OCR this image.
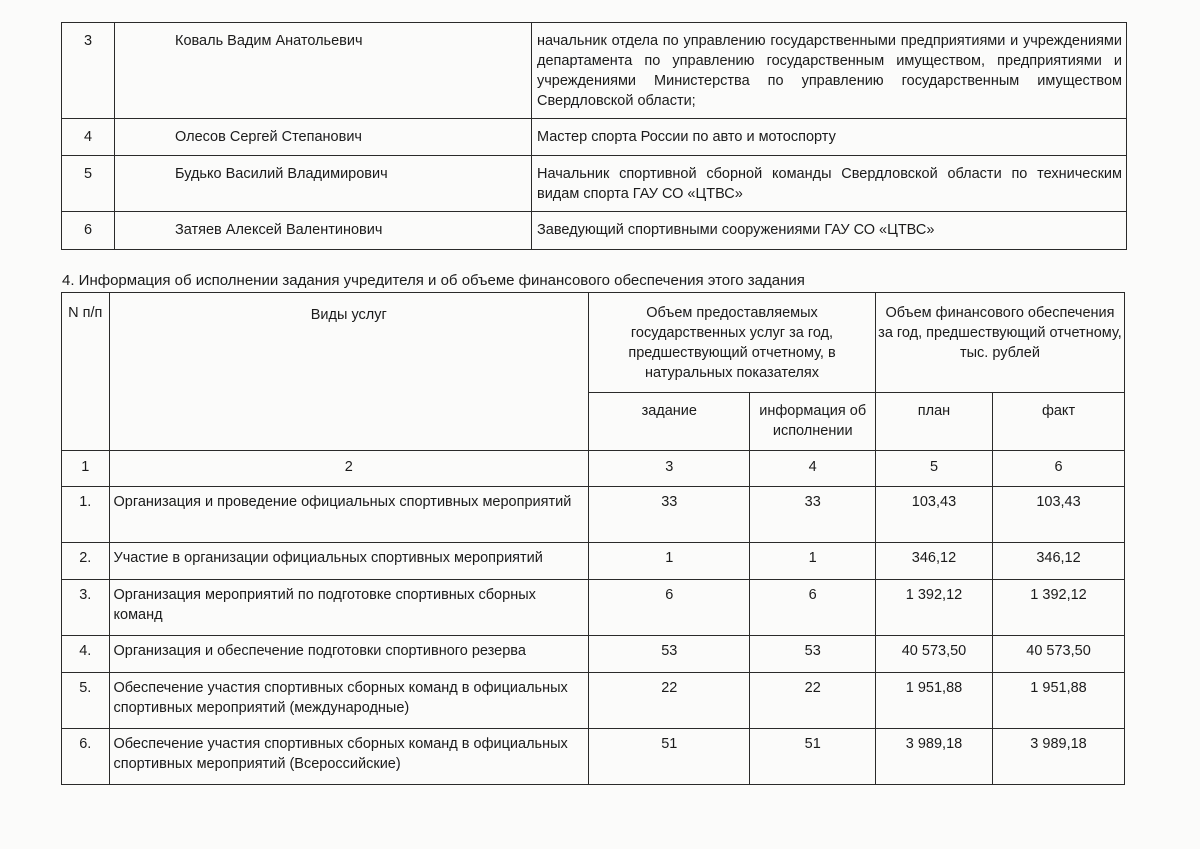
3	Коваль Вадим Анатольевич	начальник отдела по управлению государственными предприятиями и учреждениями департамента по управлению государственным имуществом, предприятиями и учреждениями Министерства по управлению государственным имуществом Свердловской области;
4	Олесов Сергей Степанович	Мастер спорта России по авто и мотоспорту
5	Будько Василий Владимирович	Начальник спортивной сборной команды Свердловской области по техническим видам спорта ГАУ СО «ЦТВС»
6	Затяев Алексей Валентинович	Заведующий спортивными сооружениями ГАУ СО «ЦТВС»

4. Информация об исполнении задания учредителя и об объеме финансового обеспечения этого задания

N п/п	Виды услуг	Объем предоставляемых государственных услуг за год, предшествующий отчетному, в натуральных показателях		Объем финансового обеспечения за год, предшествующий отчетному, тыс. рублей	
		задание	информация об исполнении	план	факт
1	2	3	4	5	6
1.	Организация и проведение официальных спортивных мероприятий	33	33	103,43	103,43
2.	Участие в организации официальных спортивных мероприятий	1	1	346,12	346,12
3.	Организация мероприятий по подготовке спортивных сборных команд	6	6	1 392,12	1 392,12
4.	Организация и обеспечение подготовки спортивного резерва	53	53	40 573,50	40 573,50
5.	Обеспечение участия спортивных сборных команд в официальных спортивных мероприятий (международные)	22	22	1 951,88	1 951,88
6.	Обеспечение участия спортивных сборных команд в официальных спортивных мероприятий (Всероссийские)	51	51	3 989,18	3 989,18
